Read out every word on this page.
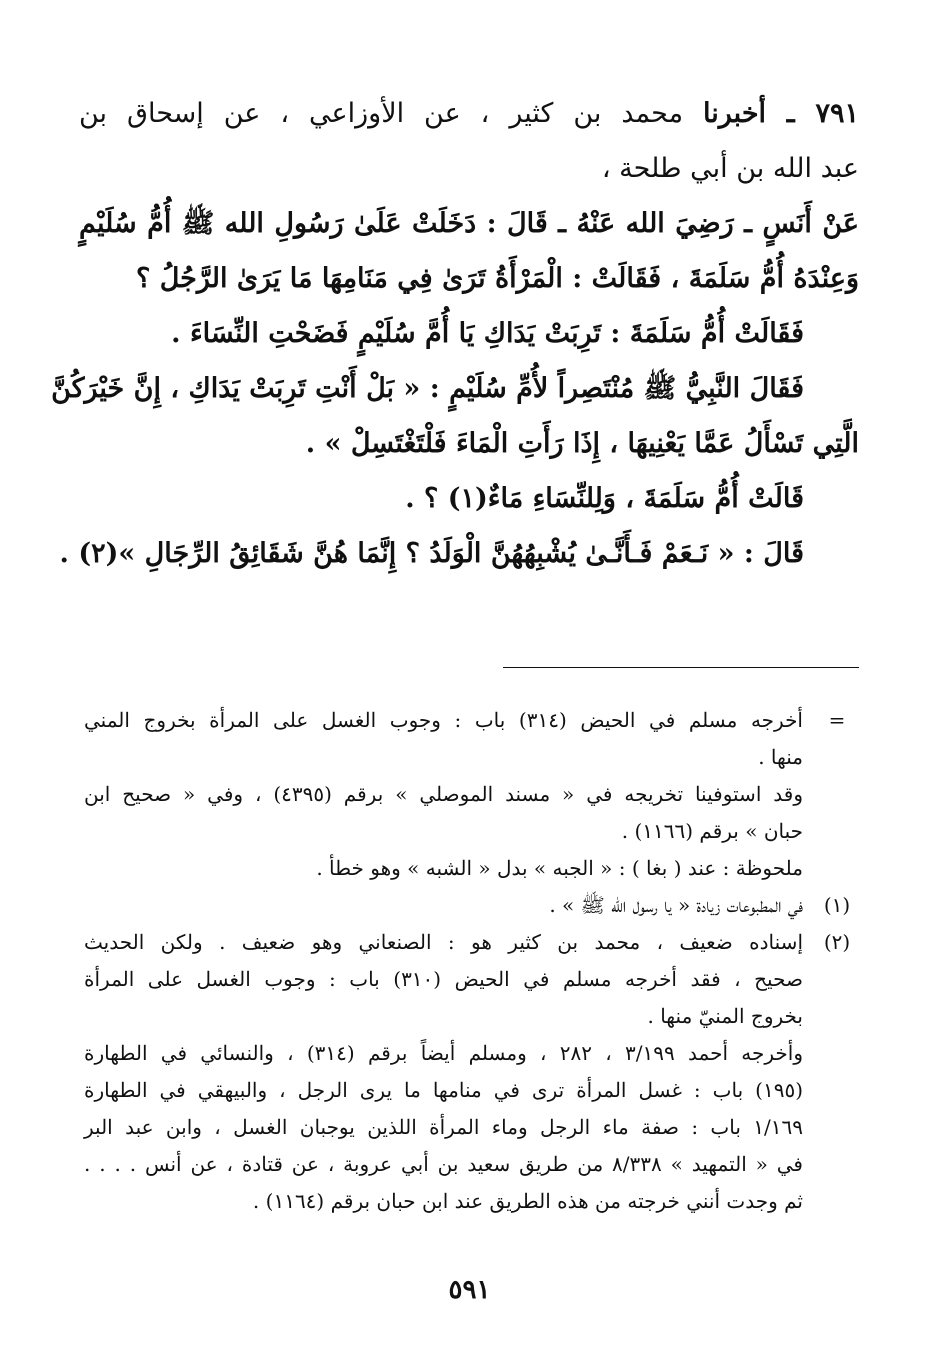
٧٩١ ـ أخبرنا محمد بن كثير ، عن الأوزاعي ، عن إسحاق بن
عبد الله بن أبي طلحة ،
عَنْ أَنَسٍ ـ رَضِيَ الله عَنْهُ ـ قَالَ : دَخَلَتْ عَلَىٰ رَسُولِ الله ﷺ أُمُّ سُلَيْمٍ
وَعِنْدَهُ أُمُّ سَلَمَةَ ، فَقَالَتْ : الْمَرْأَةُ تَرَىٰ فِي مَنَامِهَا مَا يَرَىٰ الرَّجُلُ ؟
فَقَالَتْ أُمُّ سَلَمَةَ : تَرِبَتْ يَدَاكِ يَا أُمَّ سُلَيْمٍ فَضَحْتِ النِّسَاءَ .
فَقَالَ النَّبِيُّ ﷺ مُنْتَصِراً لأُمِّ سُلَيْمٍ : « بَلْ أَنْتِ تَرِبَتْ يَدَاكِ ، إِنَّ خَيْرَكُنَّ
الَّتِي تَسْأَلُ عَمَّا يَعْنِيهَا ، إِذَا رَأَتِ الْمَاءَ فَلْتَغْتَسِلْ » .
قَالَتْ أُمُّ سَلَمَةَ ، وَلِلنِّسَاءِ مَاءٌ(١) ؟ .
قَالَ : « نَـعَمْ فَـأَنَّـىٰ يُشْبِهُهُنَّ الْوَلَدُ ؟ إِنَّمَا هُنَّ شَقَائِقُ الرِّجَالِ »(٢) .
=
أخرجه مسلم في الحيض (٣١٤) باب : وجوب الغسل على المرأة بخروج المني
منها .
وقد استوفينا تخريجه في « مسند الموصلي » برقم (٤٣٩٥) ، وفي « صحيح ابن
حبان » برقم (١١٦٦) .
ملحوظة : عند ( بغا ) : « الجبه » بدل « الشبه » وهو خطأ .
(١)
في المطبوعات زيادة « يا رسول الله ﷺ » .
(٢)
إسناده ضعيف ، محمد بن كثير هو : الصنعاني وهو ضعيف . ولكن الحديث
صحيح ، فقد أخرجه مسلم في الحيض (٣١٠) باب : وجوب الغسل على المرأة
بخروج المنيّ منها .
وأخرجه أحمد ٣/١٩٩ ، ٢٨٢ ، ومسلم أيضاً برقم (٣١٤) ، والنسائي في الطهارة
(١٩٥) باب : غسل المرأة ترى في منامها ما يرى الرجل ، والبيهقي في الطهارة
١/١٦٩ باب : صفة ماء الرجل وماء المرأة اللذين يوجبان الغسل ، وابن عبد البر
في « التمهيد » ٨/٣٣٨ من طريق سعيد بن أبي عروبة ، عن قتادة ، عن أنس . . . .
ثم وجدت أنني خرجته من هذه الطريق عند ابن حبان برقم (١١٦٤) .
٥٩١
